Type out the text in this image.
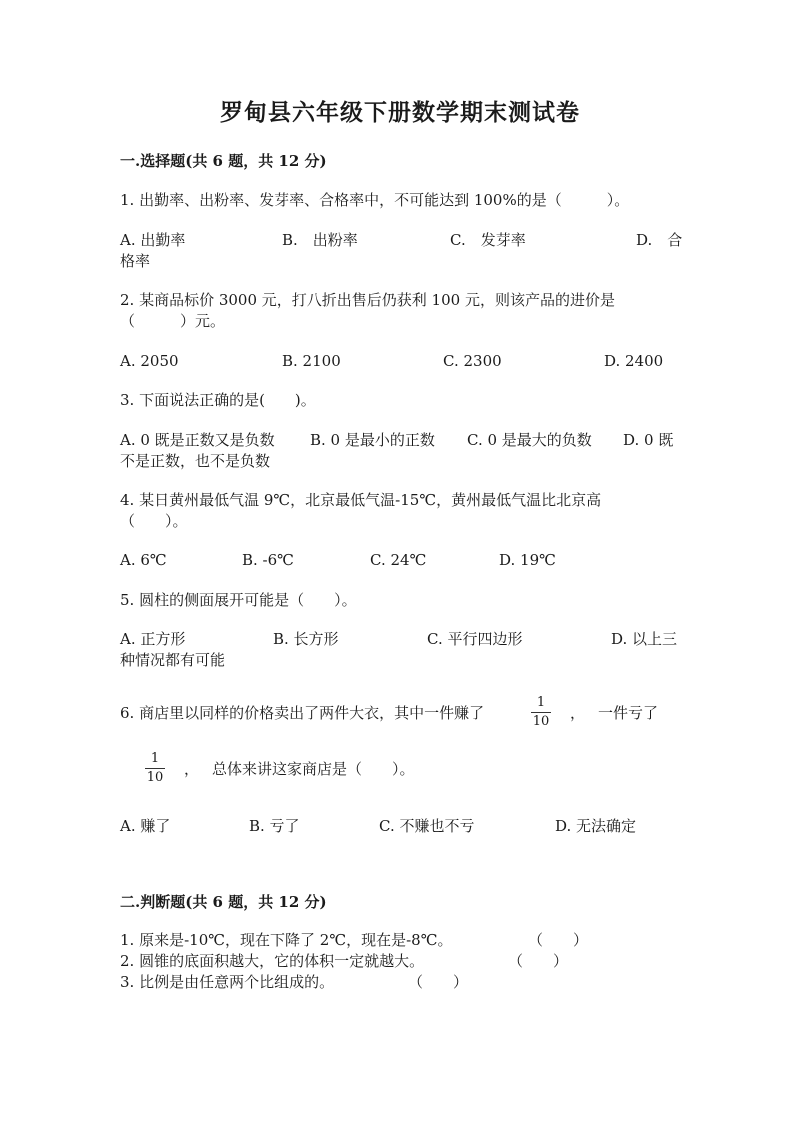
罗甸县六年级下册数学期末测试卷
一.选择题(共 6 题，共 12 分)
1. 出勤率、出粉率、发芽率、合格率中，不可能达到 100%的是（　　　）。
A. 出勤率	B.　出粉率	C.　发芽率	D.　合
格率
2. 某商品标价 3000 元，打八折出售后仍获利 100 元，则该产品的进价是
（　　　）元。
A. 2050	B. 2100	C. 2300	D. 2400
3. 下面说法正确的是(　　)。
A. 0 既是正数又是负数 B. 0 是最小的正数 C. 0 是最大的负数 D. 0 既
不是正数，也不是负数
4. 某日黄州最低气温 9℃，北京最低气温-15℃，黄州最低气温比北京高
（　　）。
A. 6℃	B. -6℃	C. 24℃	D. 19℃
5. 圆柱的侧面展开可能是（　　）。
A. 正方形	B. 长方形	C. 平行四边形	D. 以上三
种情况都有可能
6. 商店里以同样的价格卖出了两件大衣，其中一件赚了
1
10 ， 一件亏了
1
10 ， 总体来讲这家商店是（　　）。
A. 赚了	B. 亏了	C. 不赚也不亏	D. 无法确定
二.判断题(共 6 题，共 12 分)
1. 原来是-10℃，现在下降了 2℃，现在是-8℃。	（　　）
2. 圆锥的底面积越大，它的体积一定就越大。	（　　）
3. 比例是由任意两个比组成的。	（　　）
